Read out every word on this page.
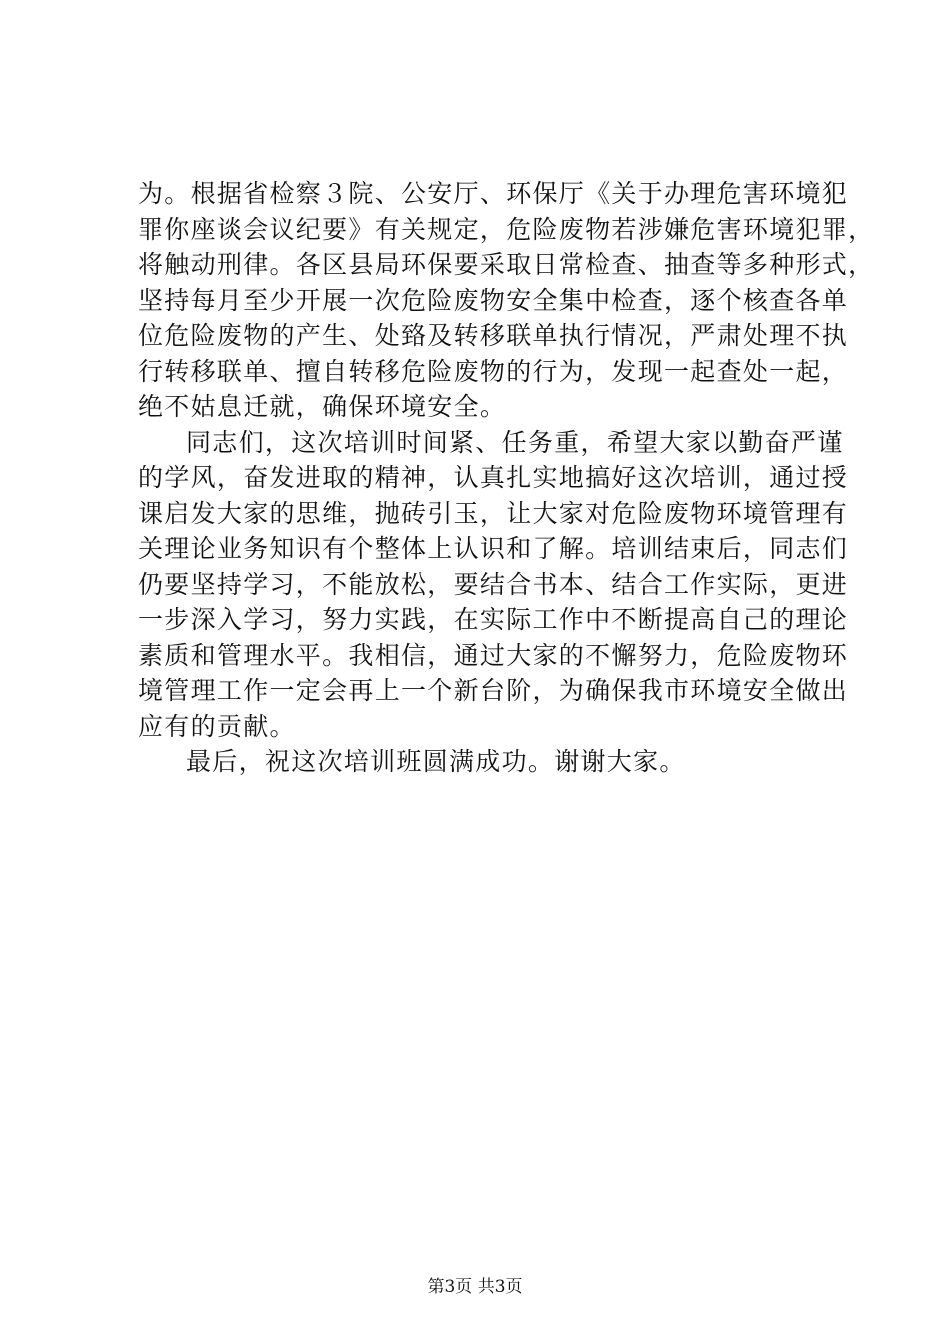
为。根据省检察３院、公安厅、环保厅《关于办理危害环境犯
罪你座谈会议纪要》有关规定，危险废物若涉嫌危害环境犯罪，
将触动刑律。各区县局环保要采取日常检查、抽查等多种形式，
坚持每月至少开展一次危险废物安全集中检查，逐个核查各单
位危险废物的产生、处臵及转移联单执行情况，严肃处理不执
行转移联单、擅自转移危险废物的行为，发现一起查处一起，
绝不姑息迁就，确保环境安全。
同志们，这次培训时间紧、任务重，希望大家以勤奋严谨
的学风，奋发进取的精神，认真扎实地搞好这次培训，通过授
课启发大家的思维，抛砖引玉，让大家对危险废物环境管理有
关理论业务知识有个整体上认识和了解。培训结束后，同志们
仍要坚持学习，不能放松，要结合书本、结合工作实际，更进
一步深入学习，努力实践，在实际工作中不断提高自己的理论
素质和管理水平。我相信，通过大家的不懈努力，危险废物环
境管理工作一定会再上一个新台阶，为确保我市环境安全做出
应有的贡献。
最后，祝这次培训班圆满成功。谢谢大家。
第3页 共3页
